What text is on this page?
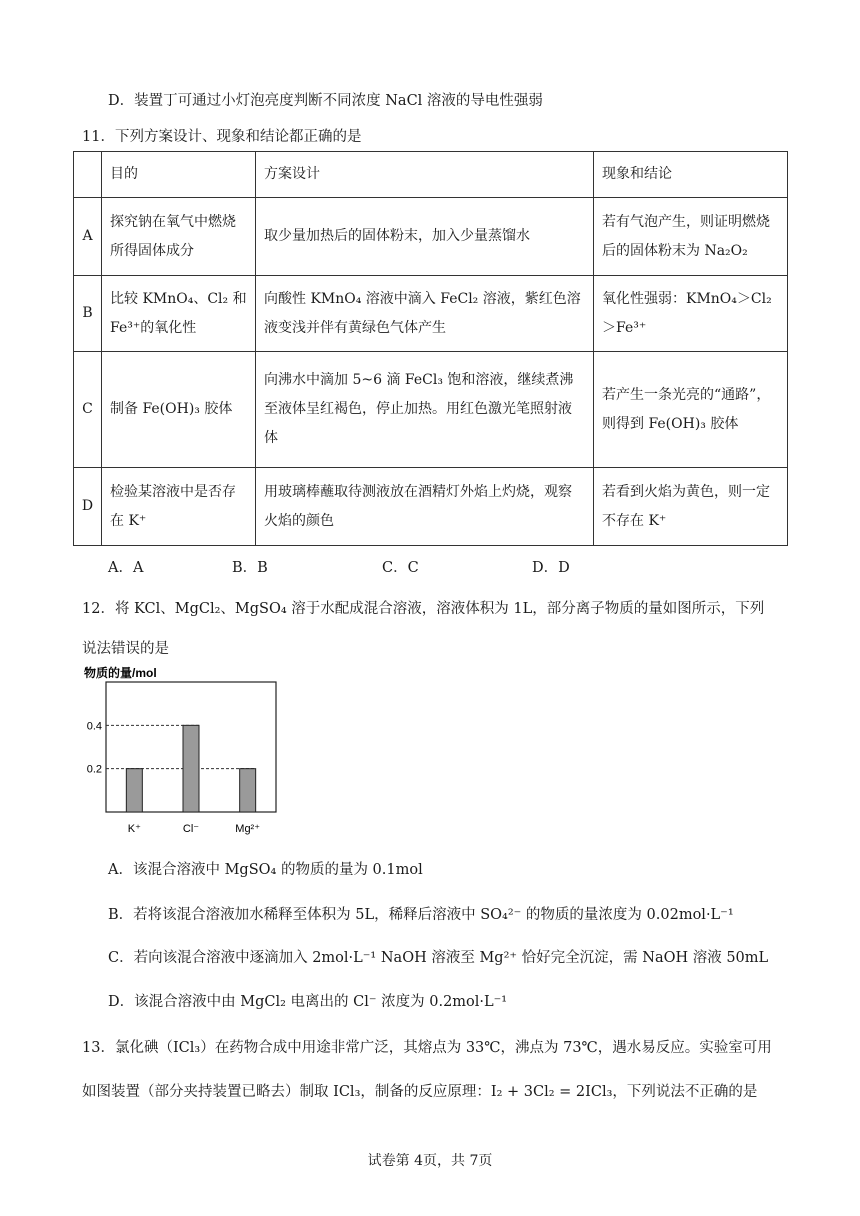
D．装置丁可通过小灯泡亮度判断不同浓度 NaCl 溶液的导电性强弱
11．下列方案设计、现象和结论都正确的是
	目的	方案设计	现象和结论
A	探究钠在氧气中燃烧所得固体成分	取少量加热后的固体粉末，加入少量蒸馏水	若有气泡产生，则证明燃烧后的固体粉末为 Na₂O₂
B	比较 KMnO₄、Cl₂ 和 Fe³⁺的氧化性	向酸性 KMnO₄ 溶液中滴入 FeCl₂ 溶液，紫红色溶液变浅并伴有黄绿色气体产生	氧化性强弱：KMnO₄＞Cl₂＞Fe³⁺
C	制备 Fe(OH)₃ 胶体	向沸水中滴加 5~6 滴 FeCl₃ 饱和溶液，继续煮沸至液体呈红褐色，停止加热。用红色激光笔照射液体	若产生一条光亮的“通路”，则得到 Fe(OH)₃ 胶体
D	检验某溶液中是否存在 K⁺	用玻璃棒蘸取待测液放在酒精灯外焰上灼烧，观察火焰的颜色	若看到火焰为黄色，则一定不存在 K⁺
A．A	B．B	C．C	D．D
12．将 KCl、MgCl₂、MgSO₄ 溶于水配成混合溶液，溶液体积为 1L，部分离子物质的量如图所示，下列
说法错误的是
物质的量/mol
0.4
0.2
K⁺	Cl⁻	Mg²⁺
A．该混合溶液中 MgSO₄ 的物质的量为 0.1mol
B．若将该混合溶液加水稀释至体积为 5L，稀释后溶液中 SO₄²⁻ 的物质的量浓度为 0.02mol·L⁻¹
C．若向该混合溶液中逐滴加入 2mol·L⁻¹ NaOH 溶液至 Mg²⁺ 恰好完全沉淀，需 NaOH 溶液 50mL
D．该混合溶液中由 MgCl₂ 电离出的 Cl⁻ 浓度为 0.2mol·L⁻¹
13．氯化碘（ICl₃）在药物合成中用途非常广泛，其熔点为 33℃，沸点为 73℃，遇水易反应。实验室可用
如图装置（部分夹持装置已略去）制取 ICl₃，制备的反应原理：I₂ + 3Cl₂ = 2ICl₃，下列说法不正确的是
试卷第 4页，共 7页
